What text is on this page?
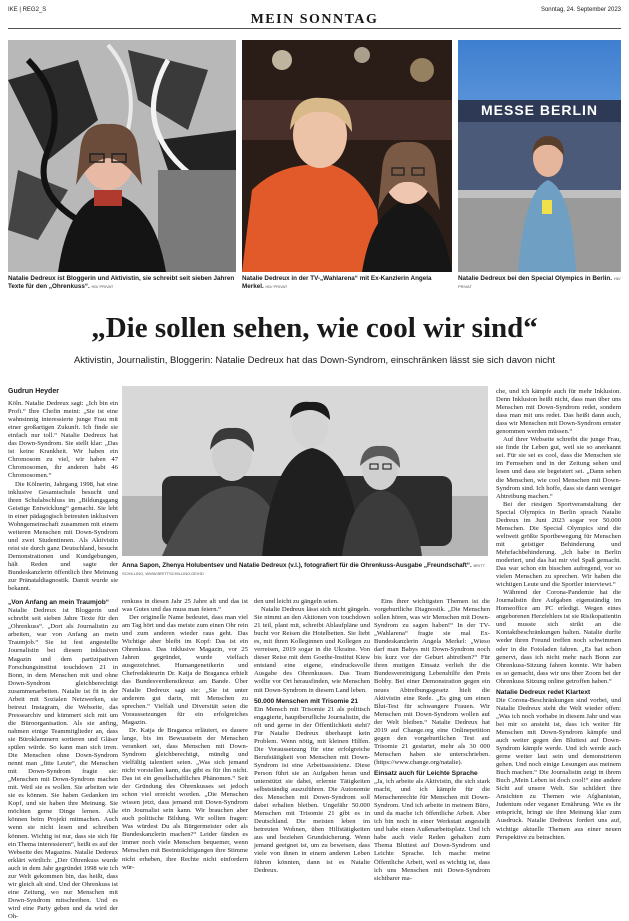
IKE | REG2_S
MEIN SONNTAG
Sonntag, 24. September 2023
Natalie Dedreux ist Bloggerin und Aktivistin, sie schreibt seit sieben Jahren Texte für den „Ohrenkuss“. HD/ PRIVAT
Natalie Dedreux in der TV-„Wahlarena“ mit Ex-Kanzlerin Angela Merkel. HD/ PRIVAT
MESSE BERLIN
Natalie Dedreux bei den Special Olympics in Berlin. HD/ PRIVAT
„Die sollen sehen, wie cool wir sind“
Aktivistin, Journalistin, Bloggerin: Natalie Dedreux hat das Down-Syndrom, einschränken lässt sie sich davon nicht
Anna Sapon, Zhenya Holubentsev und Natalie Dedreux (v.l.), fotografiert für die Ohrenkuss-Ausgabe „Freundschaft“. BRITT SCHILLING, WWW.BRITTSCHILLING.DE/HD

Gudrun Heyder

Köln. Natalie Dedreux sagt: „Ich bin ein Profi.“ Ihre Chefin meint: „Sie ist eine wahnsinnig interessierte junge Frau mit einer großartigen Zukunft. Ich finde sie einfach nur toll.“ Natalie Dedreux hat das Down-Syndrom. Sie stellt klar: „Das ist keine Krankheit. Wir haben ein Chromosom zu viel, wir haben 47 Chromosomen, ihr anderen habt 46 Chromosomen.“

Die Kölnerin, Jahrgang 1998, hat eine inklusive Gesamtschule besucht und ihren Schulabschluss im „Bildungsgang Geistige Entwicklung“ gemacht. Sie lebt in einer pädagogisch betreuten inklusiven Wohngemeinschaft zusammen mit einem weiteren Menschen mit Down-Syndrom und zwei Studentinnen. Als Aktivistin reist sie durch ganz Deutschland, besucht Demonstrationen und Kundgebungen, hält Reden und sagte der Bundeskanzlerin öffentlich ihre Meinung zur Pränataldiagnostik. Damit wurde sie bekannt.

„Von Anfang an mein Traumjob“

Natalie Dedreux ist Bloggerin und schreibt seit sieben Jahre Texte für den „Ohrenkuss“. „Dort als Journalistin zu arbeiten, war von Anfang an mein Traumjob.“ Sie ist fest angestellte Journalistin bei diesem inklusiven Magazin und dem partizipativen Forschungsinstitut touchdown 21 in Bonn, in dem Menschen mit und ohne Down-Syndrom gleichberechtigt zusammenarbeiten. Natalie ist fit in der Arbeit mit Sozialen Netzwerken, sie betreut Instagram, die Webseite, das Pressearchiv und kümmert sich mit um die Büroorganisation. Als sie anfing, nahmen einige Teammitglieder an, dass sie Büroklammern sortieren und Gläser spülen würde. So kann man sich irren. Die Menschen ohne Down-Syndrom nennt man „fitte Leute“, die Menschen mit Down-Syndrom fragte sie: „Menschen mit Down-Syndrom machen mit. Weil sie es wollen. Sie arbeiten wie sie es können. Sie haben Gedanken im Kopf, und sie haben ihre Meinung. Sie möchten gerne Dinge lernen. Alle können beim Projekt mitmachen. Auch wenn sie nicht lesen und schreiben können. Wichtig ist nur, dass sie sich für ein Thema interessieren“, heißt es auf der Webseite des Magazins. Natalie Dedreux erklärt wörtlich: „Der Ohrenkuss wurde auch in dem Jahr gegründet 1998 wie ich zur Welt gekommen bin, das heißt, dass wir gleich alt sind. Und der Ohrenkuss ist eine Zeitung, wo nur Menschen mit Down-Syndrom mitschreiben. Und es wird eine Party geben und da wird der Oh-

renkuss in diesen Jahr 25 Jahre alt und das ist was Gutes und das muss man feiern.“

Der originelle Name bedeutet, dass man viel am Tag hört und das meiste zum einen Ohr rein und zum anderen wieder raus geht. Das Wichtige aber bleibt im Kopf: Das ist ein Ohrenkuss. Das inklusive Magazin, vor 25 Jahren gegründet, wurde vielfach ausgezeichnet. Humangenetikerin und Chefredakteurin Dr. Katja de Braganca erhielt das Bundesverdienstkreuz am Bande. Über Natalie Dedreux sagt sie: „Sie ist unter anderem gut darin, mit Menschen zu sprechen.“ Vielfalt und Diversität seien die Voraussetzungen für ein erfolgreiches Magazin.

Dr. Katja de Braganca erläutert, es dauere lange, bis im Bewusstsein der Menschen verankert sei, dass Menschen mit Down-Syndrom gleichberechtigt, mündig und vielfältig talentiert seien. „Was sich jemand nicht vorstellen kann, das gibt es für ihn nicht. Das ist ein gesellschaftliches Phänomen.“ Seit der Gründung des Ohrenkusses sei jedoch schon viel erreicht worden. „Die Menschen wissen jetzt, dass jemand mit Down-Syndrom ein Journalist sein kann. Wir brauchen aber auch politische Bildung. Wir sollten fragen: Was würdest Du als Bürgermeister oder als Bundeskanzlerin machen?“ Leider fänden es immer noch viele Menschen bequemer, wenn Menschen mit Beeinträchtigungen ihre Stimme nicht erheben, ihre Rechte nicht einfordern wür-

den und leicht zu gängeln seien.

Natalie Dedreux lässt sich nicht gängeln. Sie nimmt an den Aktionen von touchdown 21 teil, plant mit, schreibt Ablaufpläne und bucht vor Reisen die Hotelbetten. Sie liebt es, mit ihren Kolleginnen und Kollegen zu verreisen, 2019 sogar in die Ukraine. Von dieser Reise mit dem Goethe-Institut Kiew entstand eine eigene, eindrucksvolle Ausgabe des Ohrenkusses. Das Team wollte vor Ort herausfinden, wie Menschen mit Down-Syndrom in diesem Land leben.

50.000 Menschen mit Trisomie 21

Ein Mensch mit Trisomie 21 als politisch engagierte, hauptberufliche Journalistin, die oft und gerne in der Öffentlichkeit steht? Für Natalie Dedreux überhaupt kein Problem. Wenn nötig, mit kleinen Hilfen. Die Voraussetzung für eine erfolgreiche Berufstätigkeit von Menschen mit Down-Syndrom ist eine Arbeitsassistenz. Diese Person führt sie an Aufgaben heran und unterstützt sie dabei, erlernte Tätigkeiten selbstständig auszuführen. Die Autonomie des Menschen mit Down-Syndrom soll dabei erhalten bleiben. Ungefähr 50.000 Menschen mit Trisomie 21 gibt es in Deutschland. Die meisten leben im betreuten Wohnen, üben Hilfstätigkeiten aus und beziehen Grundsicherung. Wenn jemand geeignet ist, um zu beweisen, dass viele von ihnen in einem anderen Leben führen könnten, dann ist es Natalie Dedreux.

Eins ihrer wichtigsten Themen ist die vorgeburtliche Diagnostik. „Die Menschen sollen hören, was wir Menschen mit Down-Syndrom zu sagen haben!“ In der TV-„Wahlarena“ fragte sie mal Ex-Bundeskanzlerin Angela Merkel: „Wieso darf man Babys mit Down-Syndrom noch bis kurz vor der Geburt abtreiben?“ Für ihren mutigen Einsatz verlieh ihr die Bundesvereinigung Lebenshilfe den Preis Bobby. Bei einer Demonstration gegen ein neues Abtreibungsgesetz hielt die Aktivistin eine Rede. „Es ging um einen Blut-Test für schwangere Frauen. Wir Menschen mit Down-Syndrom wollen auf der Welt bleiben.“ Natalie Dedreux hat 2019 auf Change.org eine Onlinepetition gegen den vorgeburtlichen Test auf Trisomie 21 gestartet, mehr als 30 000 Menschen haben sie unterschrieben. (https://www.change.org/natalie).

Einsatz auch für Leichte Sprache

„Ja, ich arbeite als Aktivistin, die sich stark macht, und ich kämpfe für die Menschenrechte für Menschen mit Down-Syndrom. Und ich arbeite in meinem Büro, und da mache ich öffentliche Arbeit. Aber ich bin noch in einer Werkstatt angestellt und habe einen Außenarbeitsplatz. Und ich habe auch viele Reden gehalten zum Thema Bluttest auf Down-Syndrom und Leichte Sprache. Ich mache meine Öffentliche Arbeit, weil es wichtig ist, dass ich uns Menschen mit Down-Syndrom sichtbarer ma-

che, und ich kämpfe auch für mehr Inklusion. Denn Inklusion heißt nicht, dass man über uns Menschen mit Down-Syndrom redet, sondern dass man mit uns redet. Das heißt dann auch, dass wir Menschen mit Down-Syndrom ernster genommen werden müssen.“

Auf ihrer Webseite schreibt die junge Frau, sie finde ihr Leben gut, weil sie so anerkannt sei. Für sie sei es cool, dass die Menschen sie im Fernsehen und in der Zeitung sehen und lesen und dass sie begeistert sei. „Dann sehen die Menschen, wie cool Menschen mit Down-Syndrom sind. Ich hoffe, dass sie dann weniger Abtreibung machen.“

Bei der riesigen Sportveranstaltung der Special Olympics in Berlin sprach Natalie Dedreux im Juni 2023 sogar vor 50.000 Menschen. Die Special Olympics sind die weltweit größte Sportbewegung für Menschen mit geistiger Behinderung und Mehrfachbehinderung. „Ich habe in Berlin moderiert, und das hat mir viel Spaß gemacht. Das war schon ein bisschen aufregend, vor so vielen Menschen zu sprechen. Wir haben die wichtigen Leute und die Sportler interviewt.“

Während der Corona-Pandemie hat die Journalistin ihre Aufgaben eigenständig im Homeoffice am PC erledigt. Wegen eines angeborenen Herzfehlers ist sie Risikopatientin und musste sich strikt an die Kontaktbeschränkungen halten. Natalie durfte weder ihren Freund treffen noch schwimmen oder in die Fotoladen fahren. „Es hat schon genervt, dass ich nicht mehr nach Bonn zur Ohrenkuss-Sitzung fahren konnte. Wir haben es so gemacht, dass wir uns über Zoom bei der Ohrenkuss Sitzung online getroffen haben.“

Natalie Dedreux redet Klartext

Die Corona-Beschränkungen sind vorbei, und Natalie Dedreux steht die Welt wieder offen: „Was ich noch vorhabe in diesem Jahr und was bei mir so ansteht ist, dass ich weiter für Menschen mit Down-Syndrom kämpfe und auch weiter gegen den Bluttest auf Down-Syndrom kämpfe werde. Und ich werde auch gerne weiter laut sein und demonstrieren gehen. Und noch einige Lesungen aus meinem Buch machen.“ Die Journalistin zeigt in ihrem Buch „Mein Leben ist doch cool!“ eine andere Sicht auf unsere Welt. Sie schildert ihre Ansichten zu Themen wie Afghanistan, Judentum oder veganer Ernährung. Wie es ihr entspricht, bringt sie ihre Meinung klar zum Ausdruck. Natalie Dedreux fordert uns auf, wichtige aktuelle Themen aus einer neuen Perspektive zu betrachten.
